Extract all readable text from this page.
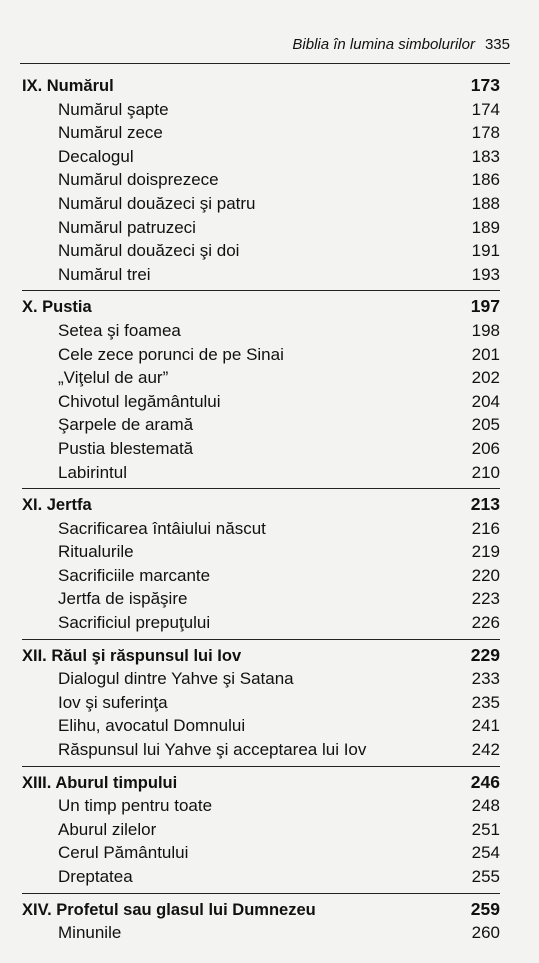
Biblia în lumina simbolurilor 335
IX. Numărul	173
Numărul şapte	174
Numărul zece	178
Decalogul	183
Numărul doisprezece	186
Numărul douăzeci şi patru	188
Numărul patruzeci	189
Numărul douăzeci şi doi	191
Numărul trei	193
X. Pustia	197
Setea şi foamea	198
Cele zece porunci de pe Sinai	201
„Viţelul de aur”	202
Chivotul legământului	204
Şarpele de aramă	205
Pustia blestemată	206
Labirintul	210
XI. Jertfa	213
Sacrificarea întâiului născut	216
Ritualurile	219
Sacrificiile marcante	220
Jertfa de ispăşire	223
Sacrificiul prepuţului	226
XII. Răul şi răspunsul lui Iov	229
Dialogul dintre Yahve şi Satana	233
Iov şi suferinţa	235
Elihu, avocatul Domnului	241
Răspunsul lui Yahve şi acceptarea lui Iov	242
XIII. Aburul timpului	246
Un timp pentru toate	248
Aburul zilelor	251
Cerul Pământului	254
Dreptatea	255
XIV. Profetul sau glasul lui Dumnezeu	259
Minunile	260
